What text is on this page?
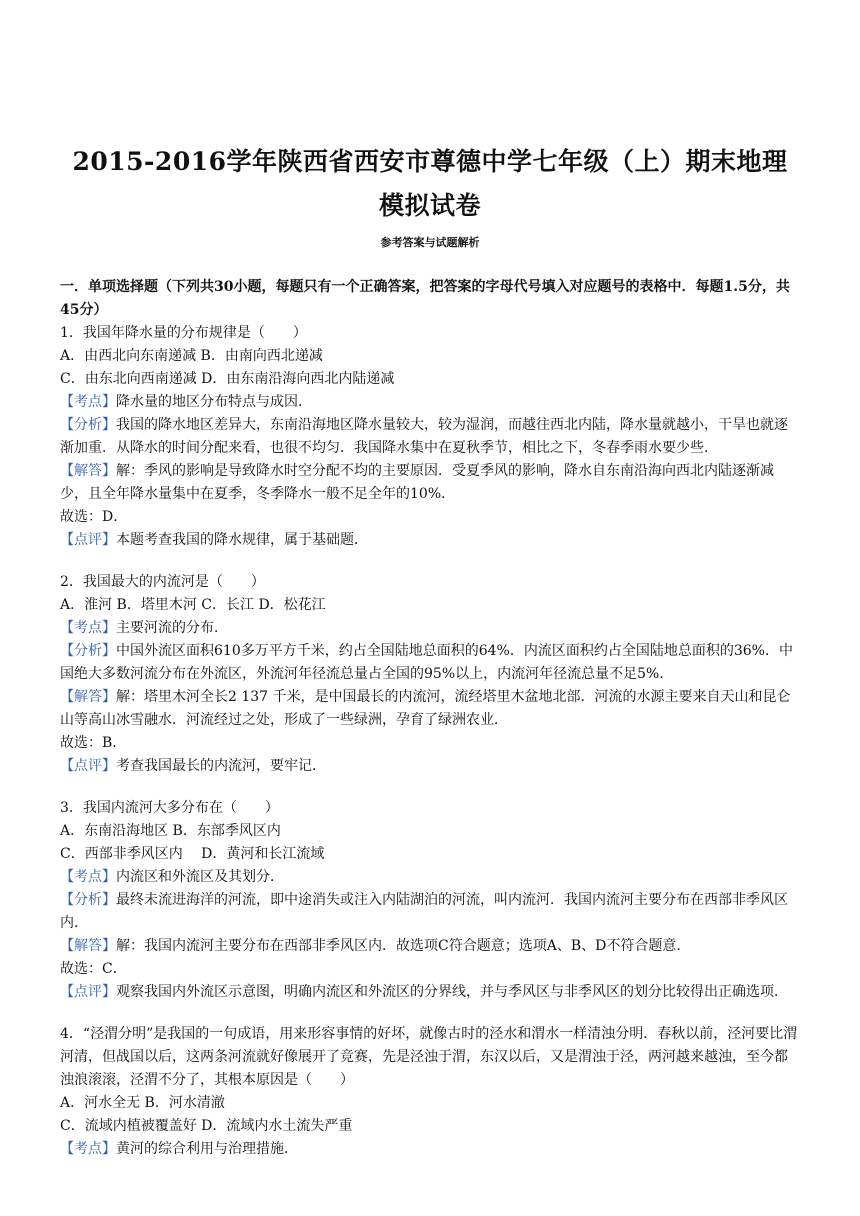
2015-2016学年陕西省西安市尊德中学七年级（上）期末地理模拟试卷
参考答案与试题解析
一．单项选择题（下列共30小题，每题只有一个正确答案，把答案的字母代号填入对应题号的表格中．每题1.5分，共45分）

1．我国年降水量的分布规律是（　　）

A．由西北向东南递减 B．由南向西北递减

C．由东北向西南递减 D．由东南沿海向西北内陆递减

【考点】降水量的地区分布特点与成因．

【分析】我国的降水地区差异大，东南沿海地区降水量较大，较为湿润，而越往西北内陆，降水量就越小，干旱也就逐渐加重．从降水的时间分配来看，也很不均匀．我国降水集中在夏秋季节，相比之下，冬春季雨水要少些．

【解答】解：季风的影响是导致降水时空分配不均的主要原因．受夏季风的影响，降水自东南沿海向西北内陆逐渐减少，且全年降水量集中在夏季，冬季降水一般不足全年的10%．

故选：D．

【点评】本题考查我国的降水规律，属于基础题．

2．我国最大的内流河是（　　）

A．淮河 B．塔里木河 C．长江 D．松花江

【考点】主要河流的分布．

【分析】中国外流区面积610多万平方千米，约占全国陆地总面积的64%．内流区面积约占全国陆地总面积的36%．中国绝大多数河流分布在外流区，外流河年径流总量占全国的95%以上，内流河年径流总量不足5%．

【解答】解：塔里木河全长2 137 千米，是中国最长的内流河，流经塔里木盆地北部．河流的水源主要来自天山和昆仑山等高山冰雪融水．河流经过之处，形成了一些绿洲，孕育了绿洲农业．

故选：B．

【点评】考查我国最长的内流河，要牢记．

3．我国内流河大多分布在（　　）

A．东南沿海地区 B．东部季风区内

C．西部非季风区内　 D．黄河和长江流域

【考点】内流区和外流区及其划分．

【分析】最终未流进海洋的河流，即中途消失或注入内陆湖泊的河流，叫内流河．我国内流河主要分布在西部非季风区内．

【解答】解：我国内流河主要分布在西部非季风区内．故选项C符合题意；选项A、B、D不符合题意．

故选：C．

【点评】观察我国内外流区示意图，明确内流区和外流区的分界线，并与季风区与非季风区的划分比较得出正确选项．

4．“泾渭分明”是我国的一句成语，用来形容事情的好坏，就像古时的泾水和渭水一样清浊分明．春秋以前，泾河要比渭河清，但战国以后，这两条河流就好像展开了竞赛，先是泾浊于渭，东汉以后，又是渭浊于泾，两河越来越浊，至今都浊浪滚滚，泾渭不分了，其根本原因是（　　）

A．河水全无 B．河水清澈

C．流域内植被覆盖好 D．流域内水土流失严重

【考点】黄河的综合利用与治理措施．
